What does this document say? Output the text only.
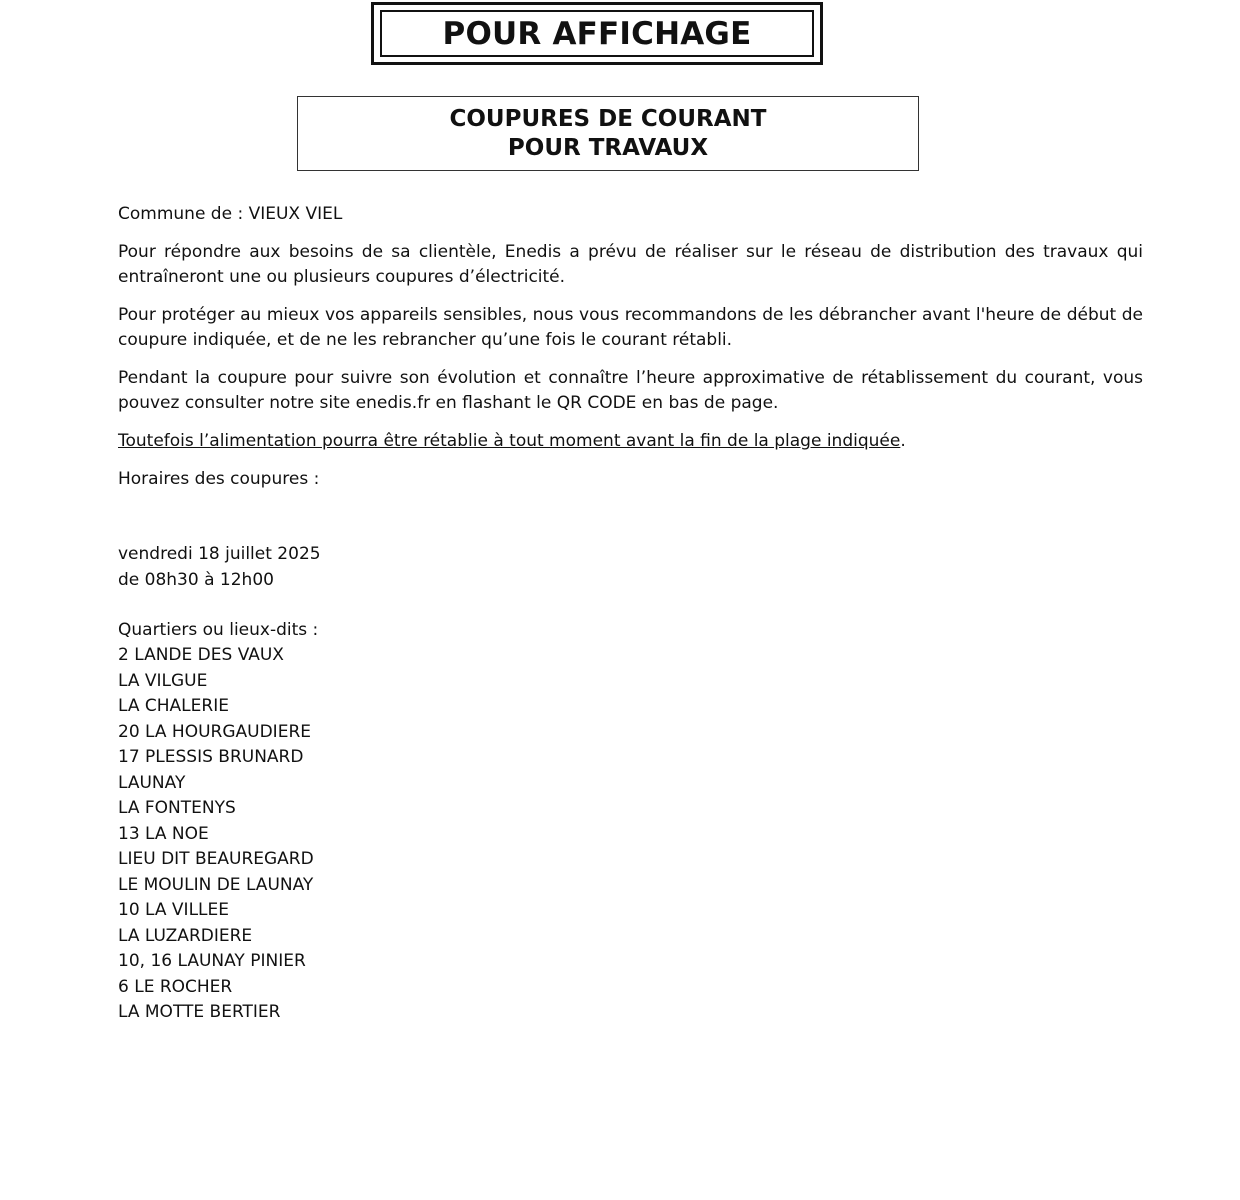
POUR AFFICHAGE
COUPURES DE COURANT
POUR TRAVAUX

Commune de : VIEUX VIEL

Pour répondre aux besoins de sa clientèle, Enedis a prévu de réaliser sur le réseau de distribution des travaux qui entraîneront une ou plusieurs coupures d’électricité.

Pour protéger au mieux vos appareils sensibles, nous vous recommandons de les débrancher avant l'heure de début de coupure indiquée, et de ne les rebrancher qu’une fois le courant rétabli.

Pendant la coupure pour suivre son évolution et connaître l’heure approximative de rétablissement du courant, vous pouvez consulter notre site enedis.fr en flashant le QR CODE en bas de page.

Toutefois l’alimentation pourra être rétablie à tout moment avant la fin de la plage indiquée.

Horaires des coupures :

vendredi 18 juillet 2025
de 08h30 à 12h00
Quartiers ou lieux-dits :
2 LANDE DES VAUX
LA VILGUE
LA CHALERIE
20 LA HOURGAUDIERE
17 PLESSIS BRUNARD
LAUNAY
LA FONTENYS
13 LA NOE
LIEU DIT BEAUREGARD
LE MOULIN DE LAUNAY
10 LA VILLEE
LA LUZARDIERE
10, 16 LAUNAY PINIER
6 LE ROCHER
LA MOTTE BERTIER
